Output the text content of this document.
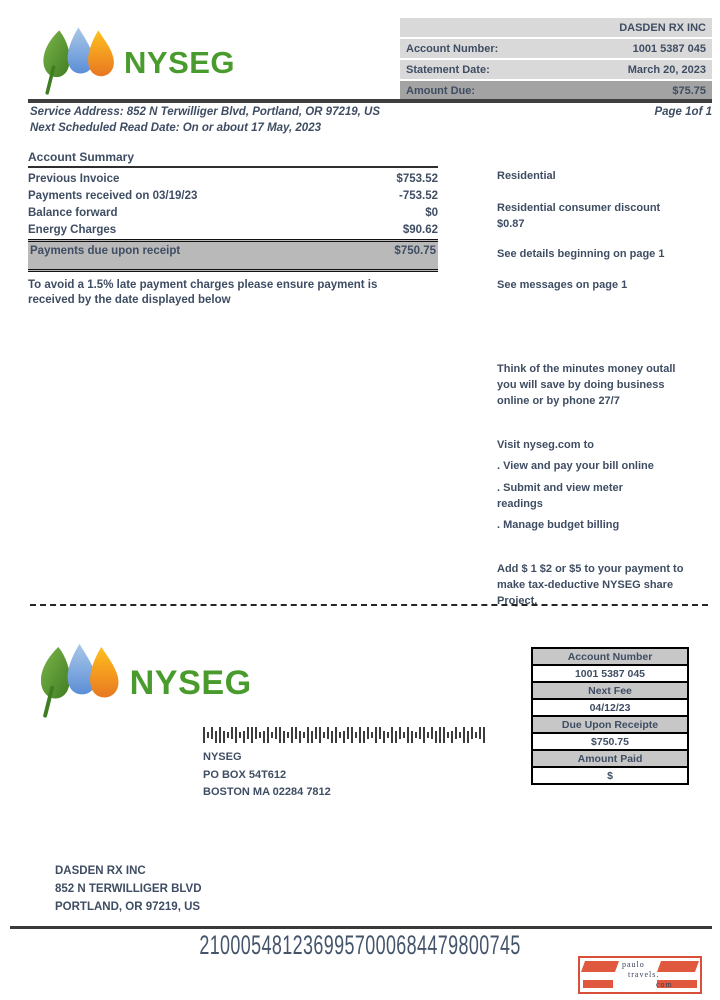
NYSEG
DASDEN RX INC
Account Number:	1001 5387 045
Statement Date:	March 20, 2023
Amount Due:	$75.75
Service Address: 852 N Terwilliger Blvd, Portland, OR 97219, US	Page 1of 1
Next Scheduled Read Date: On or about 17 May, 2023
Account Summary
Previous Invoice	$753.52
Payments received on 03/19/23	-753.52
Balance forward	$0
Energy Charges	$90.62
Payments due upon receipt	$750.75
To avoid a 1.5% late payment charges please ensure payment is received by the date displayed below

Residential

Residential consumer discount
$0.87

See details beginning on page 1

See messages on page 1

Think of the minutes money outall you will save by doing business online or by phone 27/7

Visit nyseg.com to

. View and pay your bill online

. Submit and view meter readings

. Manage budget billing

Add $ 1 $2 or $5 to your payment to make tax-deductive NYSEG share Project.

NYSEG
Account Number
1001 5387 045
Next Fee
04/12/23
Due Upon Receipte
$750.75
Amount Paid
$
NYSEG
PO BOX 54T612
BOSTON MA 02284 7812
DASDEN RX INC
852 N TERWILLIGER BLVD
PORTLAND, OR 97219, US
2100054812369957000684479800745
paulo
travels.
com
